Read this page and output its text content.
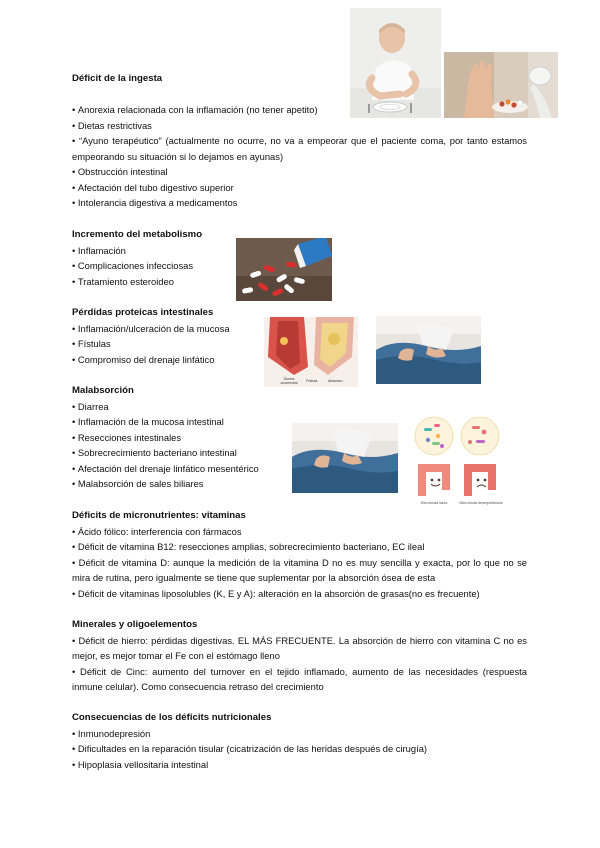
Úlcera anorrectal	Fístula	Absceso
Microbiota sana	Microbiota desequilibrada
Déficit de la ingesta
• Anorexia relacionada con la inflamación (no tener apetito)
• Dietas restrictivas
• “Ayuno terapéutico” (actualmente no ocurre, no va a empeorar que el paciente coma, por tanto estamos empeorando su situación si lo dejamos en ayunas)
• Obstrucción intestinal
• Afectación del tubo digestivo superior
• Intolerancia digestiva a medicamentos
Incremento del metabolismo
• Inflamación
• Complicaciones infecciosas
• Tratamiento esteroideo
Pérdidas proteicas intestinales
• Inflamación/ulceración de la mucosa
• Fístulas
• Compromiso del drenaje linfático
Malabsorción
• Diarrea
• Inflamación de la mucosa intestinal
• Resecciones intestinales
• Sobrecrecimiento bacteriano intestinal
• Afectación del drenaje linfático mesentérico
• Malabsorción de sales biliares
Déficits de micronutrientes: vitaminas
• Ácido fólico: interferencia con fármacos
• Déficit de vitamina B12: resecciones amplias, sobrecrecimiento bacteriano, EC ileal
• Déficit de vitamina D: aunque la medición de la vitamina D no es muy sencilla y exacta, por lo que no se mira de rutina, pero igualmente se tiene que suplementar por la absorción ósea de esta
• Déficit de vitaminas liposolubles (K, E y A): alteración en la absorción de grasas(no es frecuente)
Minerales y oligoelementos
• Déficit de hierro: pérdidas digestivas. EL MÁS FRECUENTE. La absorción de hierro con vitamina C no es mejor, es mejor tomar el Fe con el estómago lleno
• Déficit de Cinc: aumento del turnover en el tejido inflamado, aumento de las necesidades (respuesta inmune celular). Como consecuencia retraso del crecimiento
Consecuencias de los déficits nutricionales
• Inmunodepresión
• Dificultades en la reparación tisular (cicatrización de las heridas después de cirugía)
• Hipoplasia vellositaria intestinal
